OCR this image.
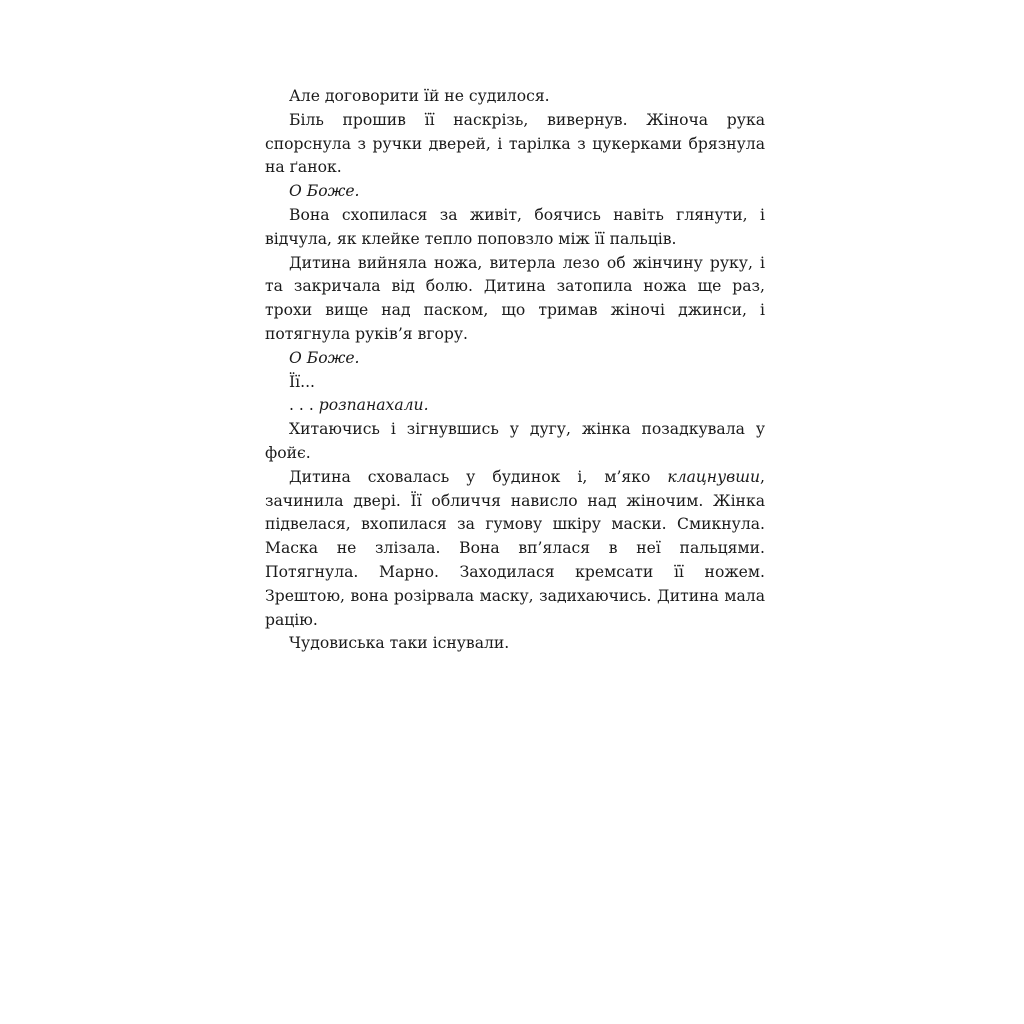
Але договорити їй не судилося.

Біль прошив її наскрізь, вивернув. Жіноча рука спорснула з ручки дверей, і тарілка з цукерками брязнула на ґанок.

О Боже.

Вона схопилася за живіт, боячись навіть глянути, і відчула, як клейке тепло поповзло між її пальців.

Дитина вийняла ножа, витерла лезо об жінчину руку, і та закричала від болю. Дитина затопила ножа ще раз, трохи вище над паском, що тримав жіночі джинси, і потягнула руків’я вгору.

О Боже.

Її...

. . . розпанахали.

Хитаючись і зігнувшись у дугу, жінка позадкувала у фойє.

Дитина сховалась у будинок і, м’яко клацнувши, зачинила двері. Її обличчя нависло над жіночим. Жінка підвелася, вхопилася за гумову шкіру маски. Смикнула. Маска не злізала. Вона вп’ялася в неї пальцями. Потягнула. Марно. Заходилася кремсати її ножем. Зрештою, вона розірвала маску, задихаючись. Дитина мала рацію.

Чудовиська таки існували.
